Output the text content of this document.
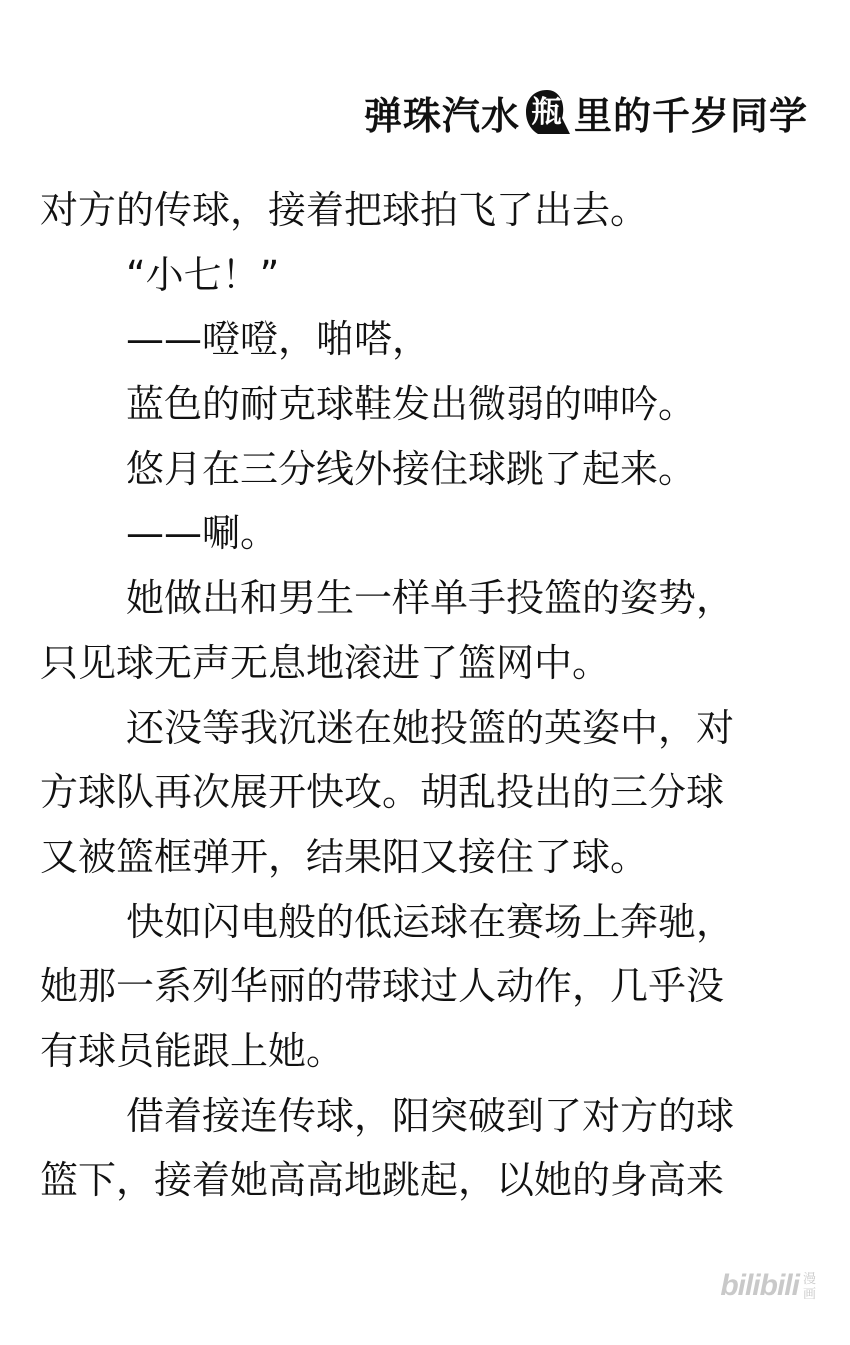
弹珠汽水 瓶 里的千岁同学
对方的传球，接着把球拍飞了出去。
“小七！”
——噔噔，啪嗒，
蓝色的耐克球鞋发出微弱的呻吟。
悠月在三分线外接住球跳了起来。
——唰。
她做出和男生一样单手投篮的姿势，
只见球无声无息地滚进了篮网中。
还没等我沉迷在她投篮的英姿中，对
方球队再次展开快攻。胡乱投出的三分球
又被篮框弹开，结果阳又接住了球。
快如闪电般的低运球在赛场上奔驰，
她那一系列华丽的带球过人动作，几乎没
有球员能跟上她。
借着接连传球，阳突破到了对方的球
篮下，接着她高高地跳起，以她的身高来
bilibili 漫
画
